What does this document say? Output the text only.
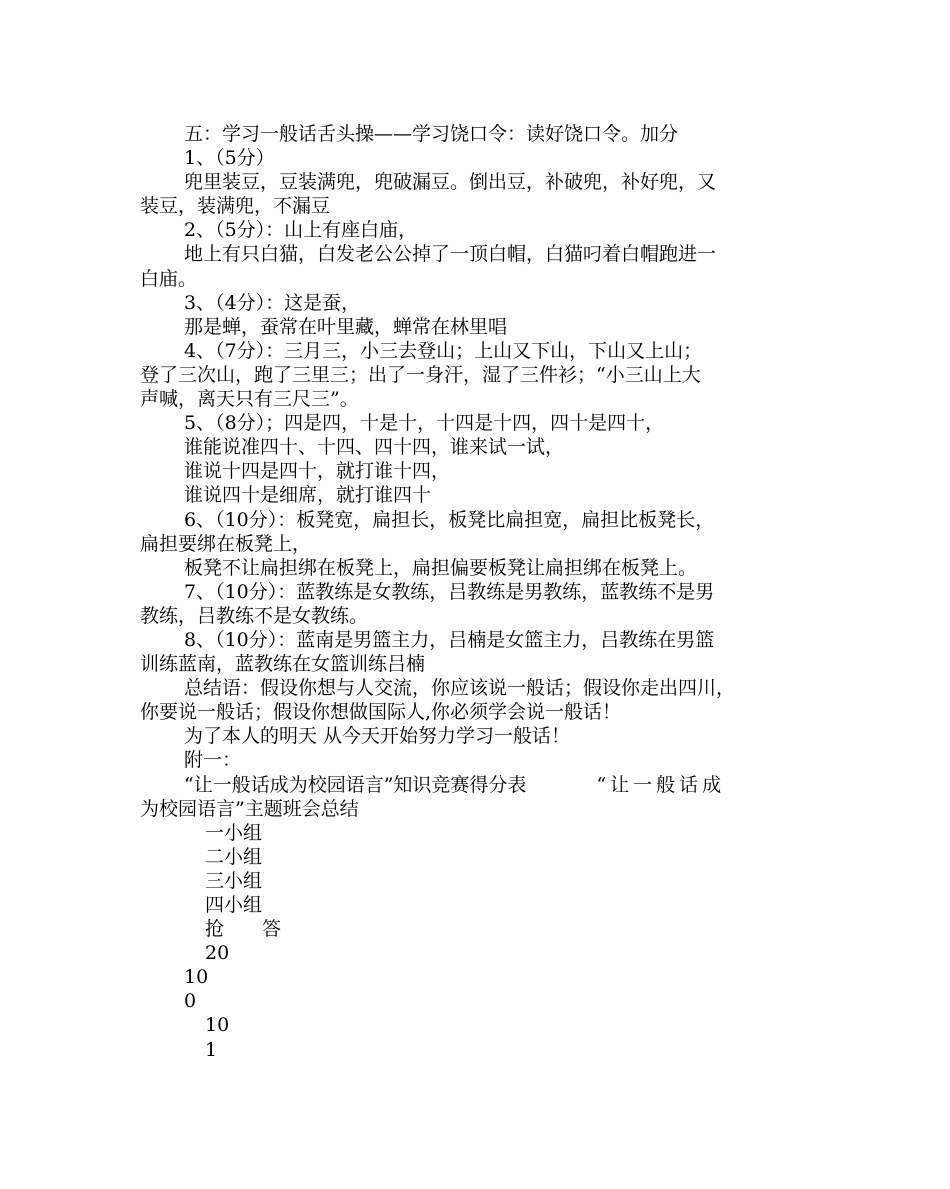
五：学习一般话舌头操——学习饶口令：读好饶口令。加分
1、（5分）
兜里装豆，豆装满兜，兜破漏豆。倒出豆，补破兜，补好兜，又
装豆，装满兜，不漏豆
2、（5分）：山上有座白庙，
地上有只白猫，白发老公公掉了一顶白帽，白猫叼着白帽跑进一
白庙。
3、（4分）：这是蚕，
那是蝉，蚕常在叶里藏，蝉常在林里唱
4、（7分）：三月三，小三去登山；上山又下山，下山又上山；
登了三次山，跑了三里三；出了一身汗，湿了三件衫；“小三山上大
声喊，离天只有三尺三”。
5、（8分）；四是四，十是十，十四是十四，四十是四十，
谁能说准四十、十四、四十四，谁来试一试，
谁说十四是四十，就打谁十四，
谁说四十是细席，就打谁四十
6、（10分）：板凳宽，扁担长，板凳比扁担宽，扁担比板凳长，
扁担要绑在板凳上，
板凳不让扁担绑在板凳上，扁担偏要板凳让扁担绑在板凳上。
7、（10分）：蓝教练是女教练，吕教练是男教练，蓝教练不是男
教练，吕教练不是女教练。
8、（10分）：蓝南是男篮主力，吕楠是女篮主力，吕教练在男篮
训练蓝南，蓝教练在女篮训练吕楠
总结语：假设你想与人交流，你应该说一般话；假设你走出四川，
你要说一般话；假设你想做国际人,你必须学会说一般话！
为了本人的明天 从今天开始努力学习一般话！
附一：
“让一般话成为校园语言”知识竞赛得分表	“让一般话成
为校园语言”主题班会总结
一小组
二小组
三小组
四小组
抢　　答
20
10
0
10
1
